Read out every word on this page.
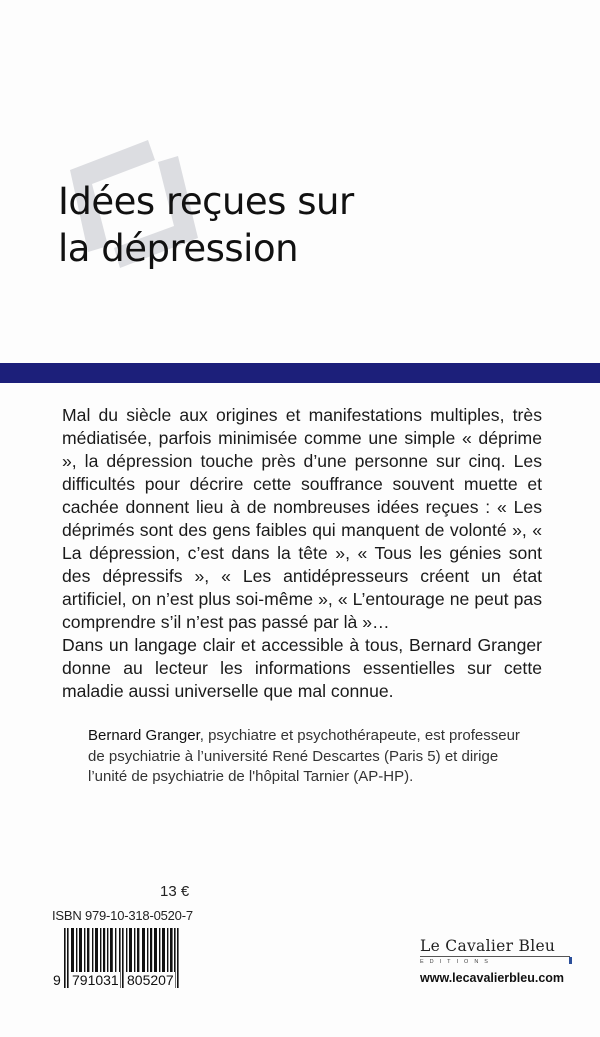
Idées reçues sur
la dépression

Mal du siècle aux origines et manifestations multiples, très médiatisée, parfois minimisée comme une simple « déprime », la dépression touche près d’une personne sur cinq. Les difficultés pour décrire cette souffrance souvent muette et cachée donnent lieu à de nombreuses idées reçues : « Les déprimés sont des gens faibles qui manquent de volonté », « La dépression, c’est dans la tête », « Tous les génies sont des dépressifs », « Les antidépresseurs créent un état artificiel, on n’est plus soi-même », « L’entourage ne peut pas comprendre s’il n’est pas passé par là »…

Dans un langage clair et accessible à tous, Bernard Granger donne au lecteur les informations essentielles sur cette maladie aussi universelle que mal connue.

Bernard Granger, psychiatre et psychothérapeute, est professeur de psychiatrie à l’université René Descartes (Paris 5) et dirige l’unité de psychiatrie de l'hôpital Tarnier (AP-HP).

13 €
ISBN 979-10-318-0520-7
9 791031 805207
Le Cavalier Bleu
EDITIONS
www.lecavalierbleu.com
